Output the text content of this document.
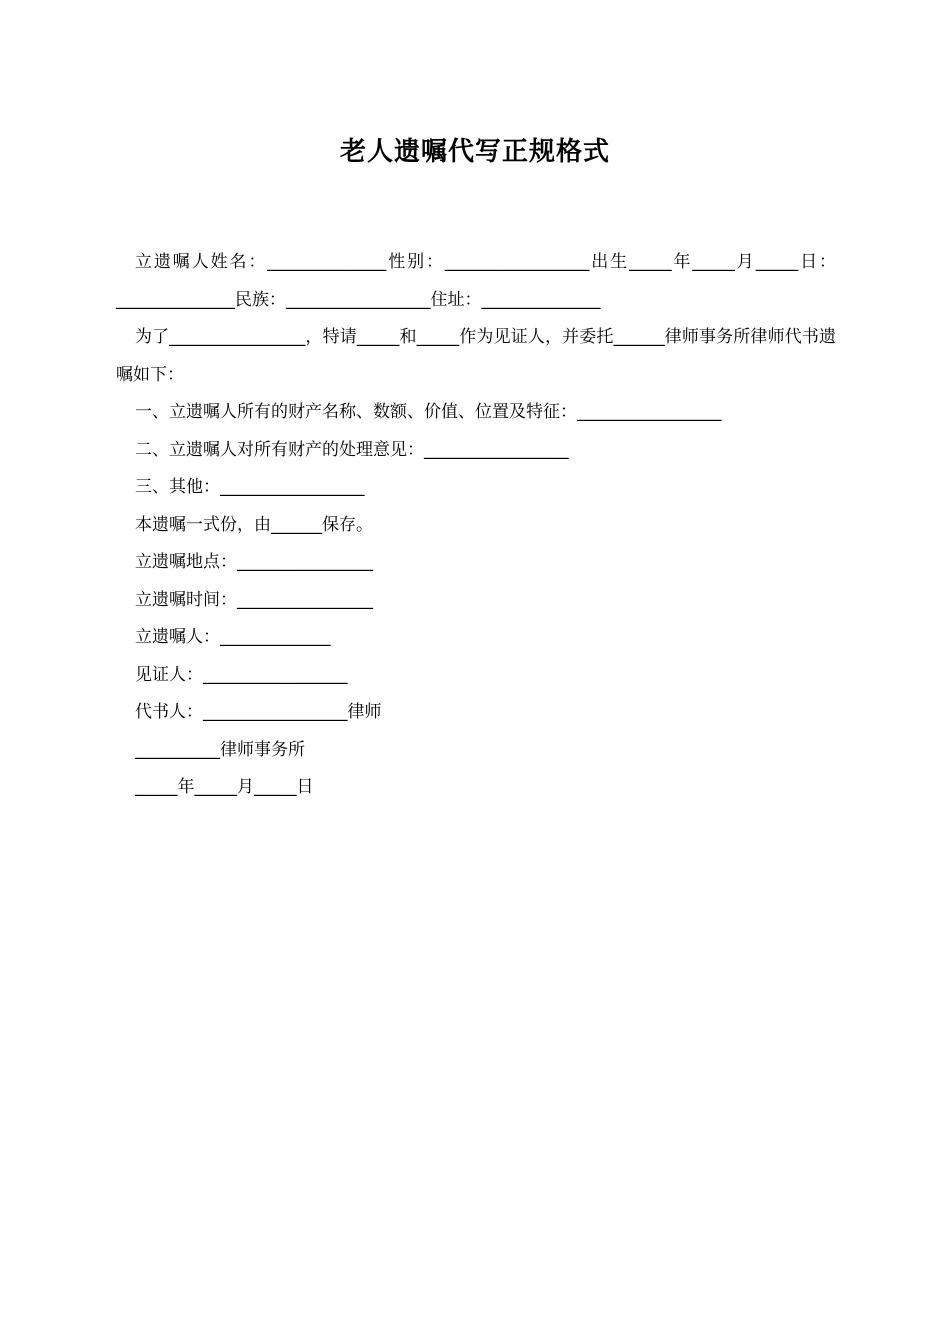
老人遗嘱代写正规格式
立遗嘱人姓名：______________性别：_________________出生_____年_____月_____日：______________民族：_________________住址：______________
为了________________，特请_____和_____作为见证人，并委托______律师事务所律师代书遗嘱如下：
一、立遗嘱人所有的财产名称、数额、价值、位置及特征：_________________
二、立遗嘱人对所有财产的处理意见：_________________
三、其他：_________________
本遗嘱一式份，由______保存。
立遗嘱地点：________________
立遗嘱时间：________________
立遗嘱人：_____________
见证人：_________________
代书人：_________________律师
__________律师事务所
_____年_____月_____日
